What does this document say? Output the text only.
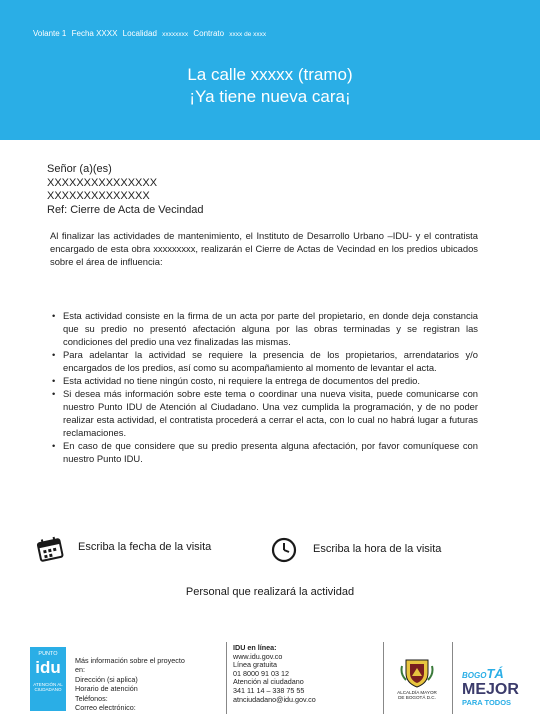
Volante 1 Fecha XXXX Localidad xxxxxxxx Contrato xxxx de xxxx
La calle xxxxx (tramo)
¡Ya tiene nueva cara¡
Señor (a)(es)
XXXXXXXXXXXXXXX
XXXXXXXXXXXXXX
Ref: Cierre de Acta de Vecindad
Al finalizar las actividades de mantenimiento, el Instituto de Desarrollo Urbano –IDU- y el contratista encargado de esta obra xxxxxxxxx, realizarán el Cierre de Actas de Vecindad en los predios ubicados sobre el área de influencia:
• Esta actividad consiste en la firma de un acta por parte del propietario, en donde deja constancia que su predio no presentó afectación alguna por las obras terminadas y se registran las condiciones del predio una vez finalizadas las mismas.
• Para adelantar la actividad se requiere la presencia de los propietarios, arrendatarios y/o encargados de los predios, así como su acompañamiento al momento de levantar el acta.
• Esta actividad no tiene ningún costo, ni requiere la entrega de documentos del predio.
• Si desea más información sobre este tema o coordinar una nueva visita, puede comunicarse con nuestro Punto IDU de Atención al Ciudadano. Una vez cumplida la programación, y de no poder realizar esta actividad, el contratista procederá a cerrar el acta, con lo cual no habrá lugar a futuras reclamaciones.
• En caso de que considere que su predio presenta alguna afectación, por favor comuníquese con nuestro Punto IDU.
Escriba la fecha de la visita	Escriba la hora de la visita
Personal que realizará la actividad
PUNTO
idu
ATENCIÓN AL
CIUDADANO
Más información sobre el proyecto
en:
Dirección (si aplica)
Horario de atención
Teléfonos:
Correo electrónico:
IDU en línea:
www.idu.gov.co
Línea gratuita
01 8000 91 03 12
Atención al ciudadano
341 11 14 – 338 75 55
atnciudadano@idu.gov.co
ALCALDÍA MAYOR
DE BOGOTÁ D.C.
BOGOTÁ
MEJOR
PARA TODOS
